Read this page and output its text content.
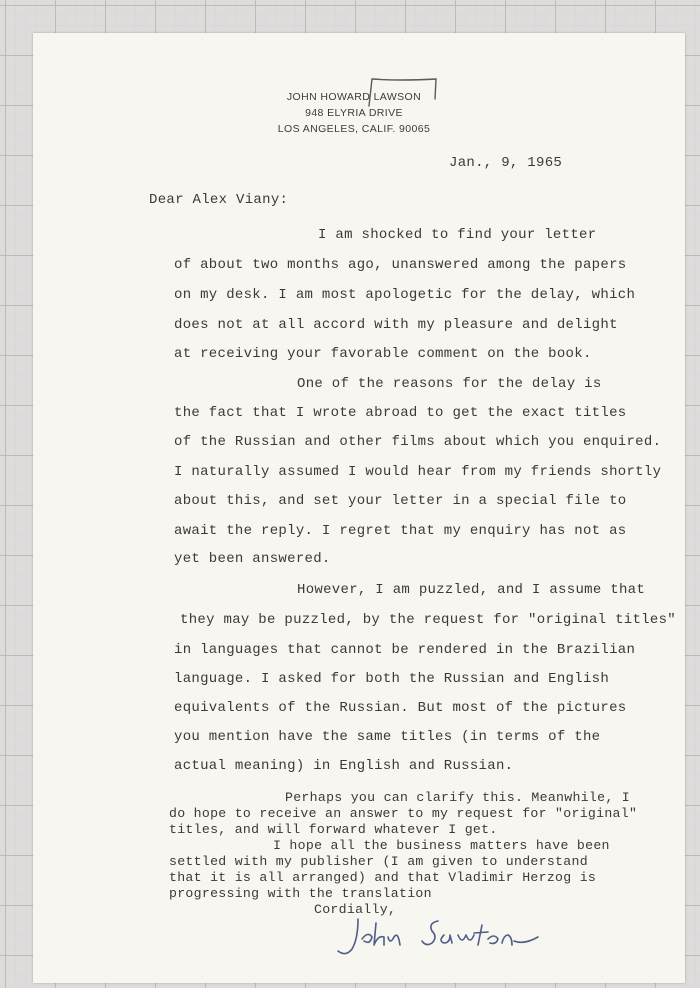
JOHN HOWARD LAWSON
948 ELYRIA DRIVE
LOS ANGELES, CALIF. 90065
Jan., 9, 1965
Dear Alex Viany:
I am shocked to find your letter
of about two months ago, unanswered among the papers
on my desk. I am most apologetic for the delay, which
does not at all accord with my pleasure and delight
at receiving your favorable comment on the book.
One of the reasons for the delay is
the fact that I wrote abroad to get the exact titles
of the Russian and other films about which you enquired.
I naturally assumed I would hear from my friends shortly
about this, and set your letter in a special file to
await the reply. I regret that my enquiry has not as
yet been answered.
However, I am puzzled, and I assume that
they may be puzzled, by the request for "original titles"
in languages that cannot be rendered in the Brazilian
language. I asked for both the Russian and English
equivalents of the Russian. But most of the pictures
you mention have the same titles (in terms of the
actual meaning) in English and Russian.
Perhaps you can clarify this. Meanwhile, I
do hope to receive an answer to my request for "original"
titles, and will forward whatever I get.
I hope all the business matters have been
settled with my publisher (I am given to understand
that it is all arranged) and that Vladimir Herzog is
progressing with the translation
Cordially,
